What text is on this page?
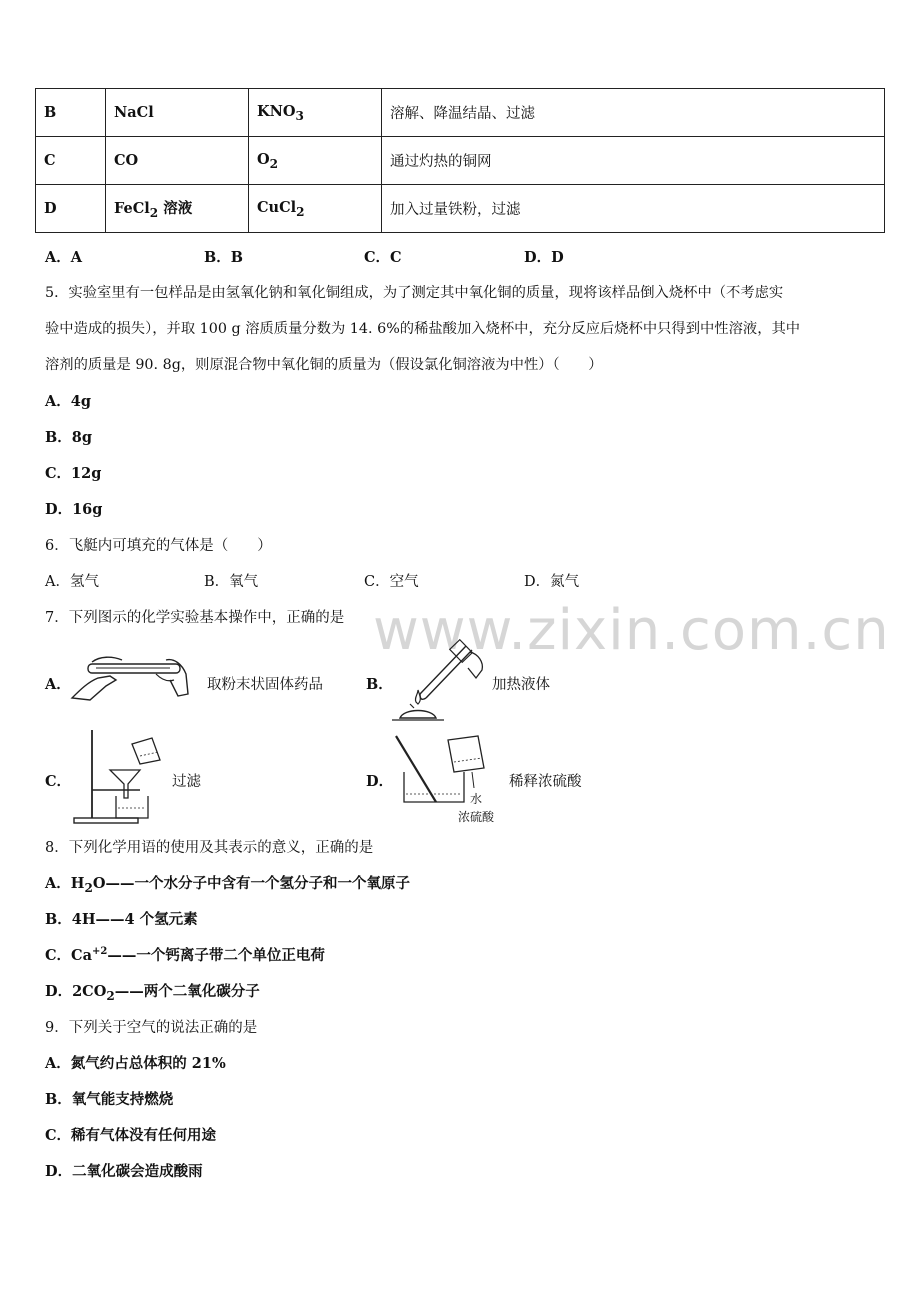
B	NaCl	$KNO_3$	溶解、降温结晶、过滤
C	CO	$O_2$	通过灼热的铜网
D	FeCl$_2$ 溶液	CuCl$_2$	加入过量铁粉，过滤
A．A	B．B	C．C	D．D
5．实验室里有一包样品是由氢氧化钠和氧化铜组成，为了测定其中氧化铜的质量，现将该样品倒入烧杯中（不考虑实
验中造成的损失），并取 100 g 溶质质量分数为 14. 6%的稀盐酸加入烧杯中，充分反应后烧杯中只得到中性溶液，其中
溶剂的质量是 90. 8g，则原混合物中氧化铜的质量为（假设氯化铜溶液为中性）（　　）
A．4g
B．8g
C．12g
D．16g
6．飞艇内可填充的气体是（　　）
A．氢气	B．氧气	C．空气	D．氮气
www.zixin.com.cn
7．下列图示的化学实验基本操作中，正确的是
A．	取粉末状固体药品	B．	加热液体
C．	过滤	D．
水
浓硫酸
稀释浓硫酸
8．下列化学用语的使用及其表示的意义，正确的是
A．$H_2O——$一个水分子中含有一个氢分子和一个氧原子
B．4H——4 个氢元素
C．$Ca^{+2}——$一个钙离子带二个单位正电荷
D．$2CO_2——$两个二氧化碳分子
9．下列关于空气的说法正确的是
A．氮气约占总体积的 21%
B．氧气能支持燃烧
C．稀有气体没有任何用途
D．二氧化碳会造成酸雨
